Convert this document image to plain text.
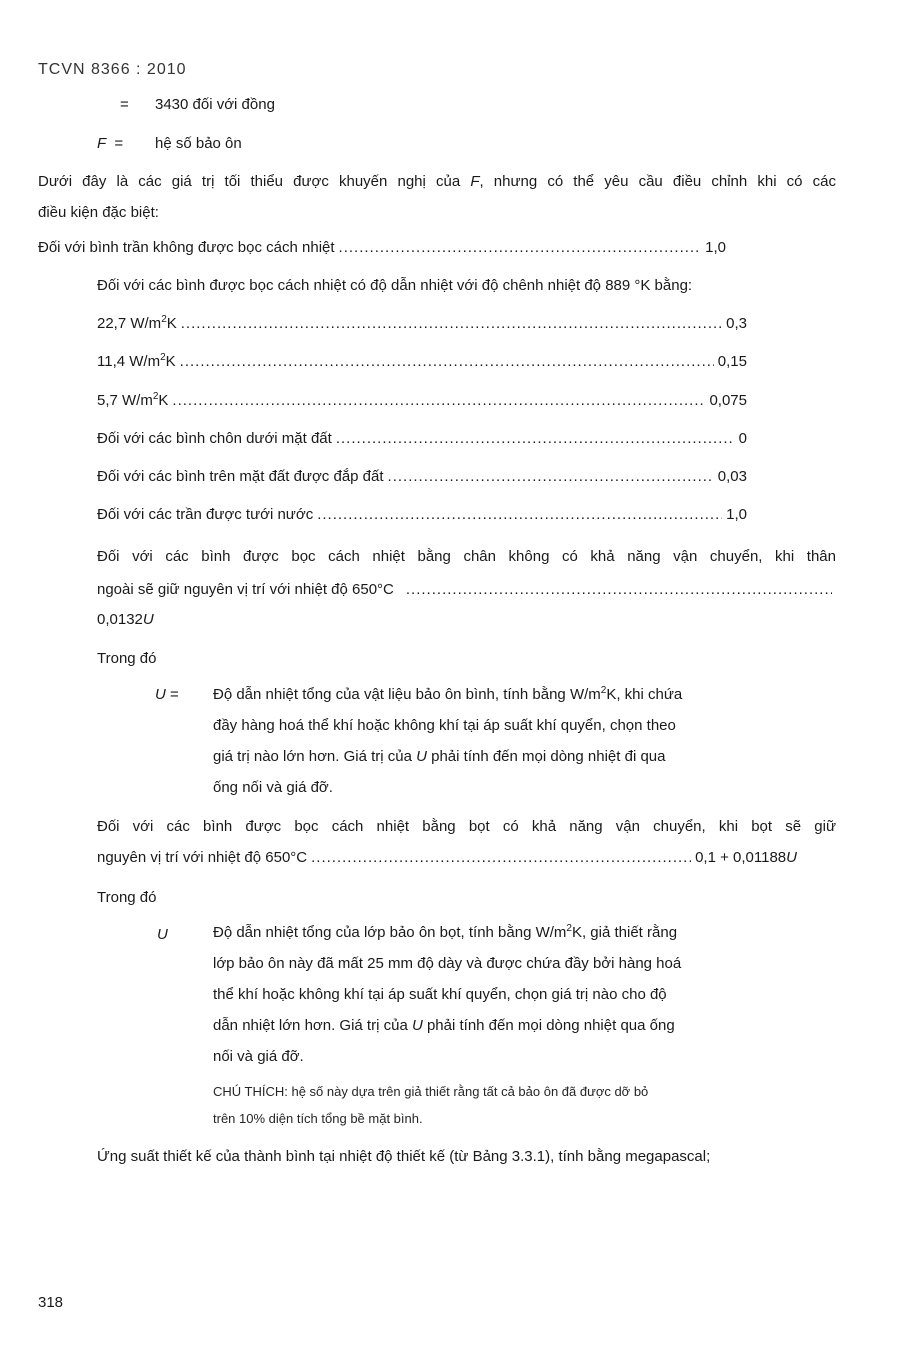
TCVN 8366 : 2010
= 3430 đối với đồng
F = hệ số bảo ôn
Dưới đây là các giá trị tối thiểu được khuyến nghị của F, nhưng có thể yêu cầu điều chỉnh khi có các
điều kiện đặc biệt:
Đối với bình trần không được bọc cách nhiệt .....	1,0
Đối với các bình được bọc cách nhiệt có độ dẫn nhiệt với độ chênh nhiệt độ 889 °K bằng:
22,7 $W/m^2K$ .....	0,3
11,4 $W/m^2K$ .....	0,15
5,7 $W/m^2K$ .....	0,075
Đối với các bình chôn dưới mặt đất .....	0
Đối với các bình trên mặt đất được đắp đất .....	0,03
Đối với các trần được tưới nước .....	1,0
Đối với các bình được bọc cách nhiệt bằng chân không có khả năng vận chuyển, khi thân
ngoài sẽ giữ nguyên vị trí với nhiệt độ 650°C
.....
0,0132U
Trong đó
U = Độ dẫn nhiệt tổng của vật liệu bảo ôn bình, tính bằng $W/m^2K$, khi chứa
đầy hàng hoá thể khí hoặc không khí tại áp suất khí quyển, chọn theo
giá trị nào lớn hơn. Giá trị của U phải tính đến mọi dòng nhiệt đi qua
ống nối và giá đỡ.
Đối với các bình được bọc cách nhiệt bằng bọt có khả năng vận chuyển, khi bọt sẽ giữ
nguyên vị trí với nhiệt độ 650°C .....	0,1 + 0,01188U
Trong đó
U	Độ dẫn nhiệt tổng của lớp bảo ôn bọt, tính bằng $W/m^2K$, giả thiết rằng
lớp bảo ôn này đã mất 25 mm độ dày và được chứa đầy bởi hàng hoá
thể khí hoặc không khí tại áp suất khí quyển, chọn giá trị nào cho độ
dẫn nhiệt lớn hơn. Giá trị của U phải tính đến mọi dòng nhiệt qua ống
nối và giá đỡ.
CHÚ THÍCH: hệ số này dựa trên giả thiết rằng tất cả bảo ôn đã được dỡ bỏ
trên 10% diện tích tổng bề mặt bình.
Ứng suất thiết kế của thành bình tại nhiệt độ thiết kế (từ Bảng 3.3.1), tính bằng megapascal;
318
